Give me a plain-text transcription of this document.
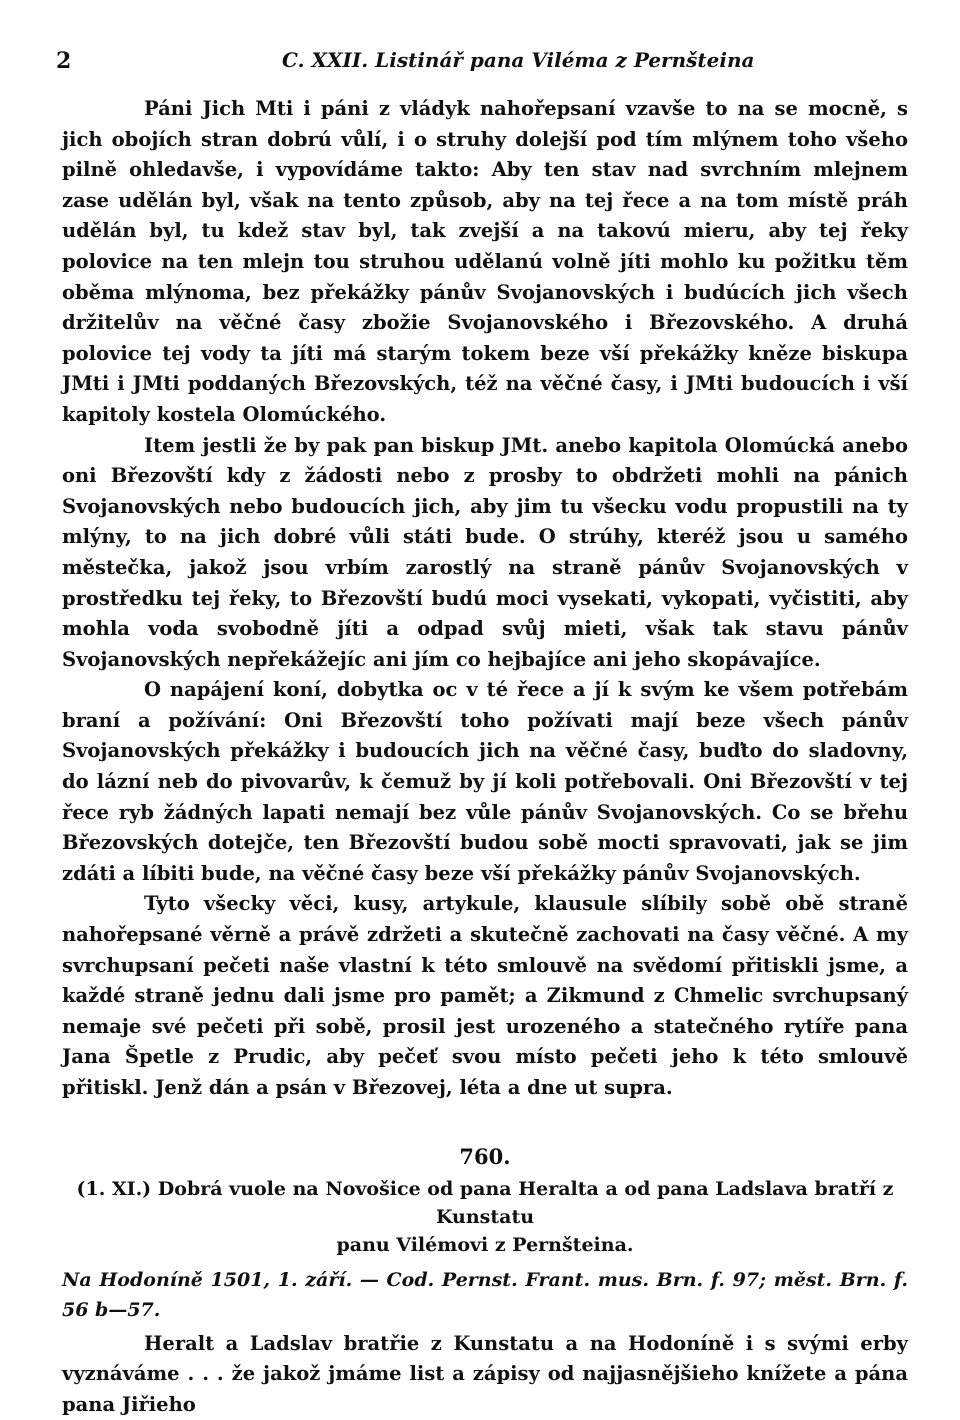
2	C. XXII. Listinář pana Viléma z Pernšteina

Páni Jich Mti i páni z vládyk nahořepsaní vzavše to na se mocně, s jich obojích stran dobrú vůlí, i o struhy dolejší pod tím mlýnem toho všeho pilně ohledavše, i vypovídáme takto: Aby ten stav nad svrchním mlejnem zase udělán byl, však na tento způsob, aby na tej řece a na tom místě práh udělán byl, tu kdež stav byl, tak zvejší a na takovú mieru, aby tej řeky polovice na ten mlejn tou struhou udělanú volně jíti mohlo ku požitku těm oběma mlýnoma, bez překážky pánův Svojanovských i budúcích jich všech držitelův na věčné časy zbožie Svojanovského i Březovského. A druhá polovice tej vody ta jíti má starým tokem beze vší překážky kněze biskupa JMti i JMti poddaných Březovských, též na věčné časy, i JMti budoucích i vší kapitoly kostela Olomúckého.

Item jestli že by pak pan biskup JMt. anebo kapitola Olomúcká anebo oni Březovští kdy z žádosti nebo z prosby to obdržeti mohli na pánich Svojanovských nebo budoucích jich, aby jim tu všecku vodu propustili na ty mlýny, to na jich dobré vůli státi bude. O strúhy, kteréž jsou u samého městečka, jakož jsou vrbím zarostlý na straně pánův Svojanovských v prostředku tej řeky, to Březovští budú moci vysekati, vykopati, vyčistiti, aby mohla voda svobodně jíti a odpad svůj mieti, však tak stavu pánův Svojanovských nepřekážejíc ani jím co hejbajíce ani jeho skopávajíce.

O napájení koní, dobytka oc v té řece a jí k svým ke všem potřebám braní a požívání: Oni Březovští toho požívati mají beze všech pánův Svojanovských překážky i budoucích jich na věčné časy, buďto do sladovny, do lázní neb do pivovarův, k čemuž by jí koli potřebovali. Oni Březovští v tej řece ryb žádných lapati nemají bez vůle pánův Svojanovských. Co se břehu Březovských dotejče, ten Březovští budou sobě mocti spravovati, jak se jim zdáti a líbiti bude, na věčné časy beze vší překážky pánův Svojanovských.

Tyto všecky věci, kusy, artykule, klausule slíbily sobě obě straně nahořepsané věrně a právě zdržeti a skutečně zachovati na časy věčné. A my svrchupsaní pečeti naše vlastní k této smlouvě na svědomí přitiskli jsme, a každé straně jednu dali jsme pro pamět; a Zikmund z Chmelic svrchupsaný nemaje své pečeti při sobě, prosil jest urozeného a statečného rytíře pana Jana Špetle z Prudic, aby pečeť svou místo pečeti jeho k této smlouvě přitiskl. Jenž dán a psán v Březovej, léta a dne ut supra.

760.

(1. XI.) Dobrá vuole na Novošice od pana Heralta a od pana Ladslava bratří z Kunstatu
panu Vilémovi z Pernšteina.

Na Hodoníně 1501, 1. září. — Cod. Pernst. Frant. mus. Brn. f. 97; měst. Brn. f. 56 b—57.

Heralt a Ladslav bratřie z Kunstatu a na Hodoníně i s svými erby vyznáváme . . . že jakož jmáme list a zápisy od najjasnějšieho knížete a pána pana Jiřieho
